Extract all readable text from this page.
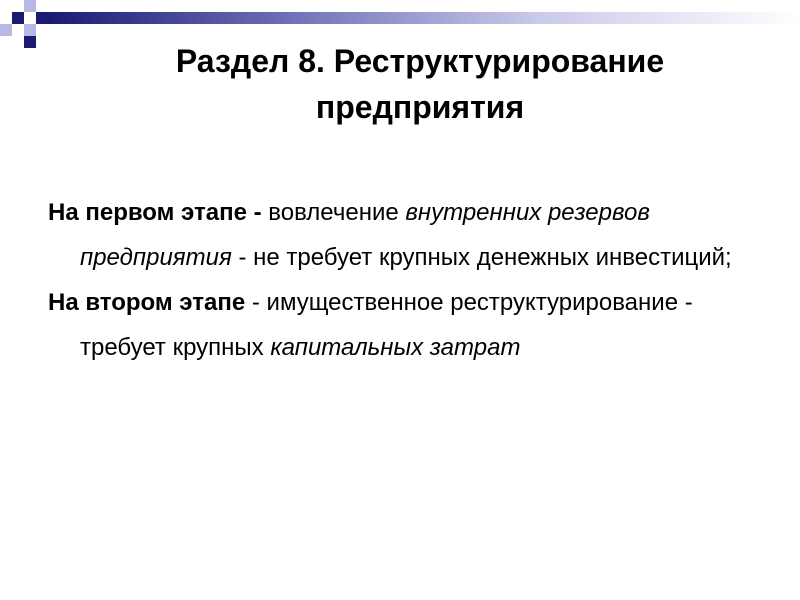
Раздел 8. Реструктурирование
предприятия

На первом этапе - вовлечение внутренних резервов предприятия - не требует крупных денежных инвестиций;

На втором этапе - имущественное реструктурирование - требует крупных капитальных затрат
